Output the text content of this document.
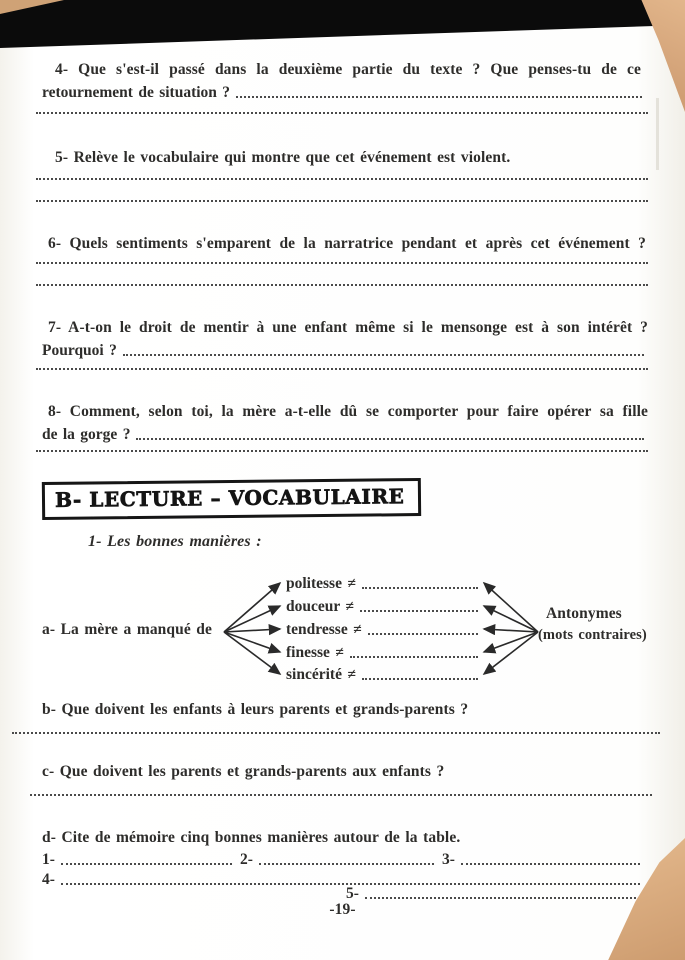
4- Que s'est-il passé dans la deuxième partie du texte ? Que penses-tu de ce
retournement de situation ?
5- Relève le vocabulaire qui montre que cet événement est violent.
6- Quels sentiments s'emparent de la narratrice pendant et après cet événement ?
7- A-t-on le droit de mentir à une enfant même si le mensonge est à son intérêt ?
Pourquoi ?
8- Comment, selon toi, la mère a-t-elle dû se comporter pour faire opérer sa fille
de la gorge ?
B- LECTURE – VOCABULAIRE
1- Les bonnes manières :
a- La mère a manqué de
politesse ≠
douceur ≠
tendresse ≠
finesse ≠
sincérité ≠
Antonymes
(mots contraires)
b- Que doivent les enfants à leurs parents et grands-parents ?
c- Que doivent les parents et grands-parents aux enfants ?
d- Cite de mémoire cinq bonnes manières autour de la table.
1-	2-	3-
4-
5-
-19-
